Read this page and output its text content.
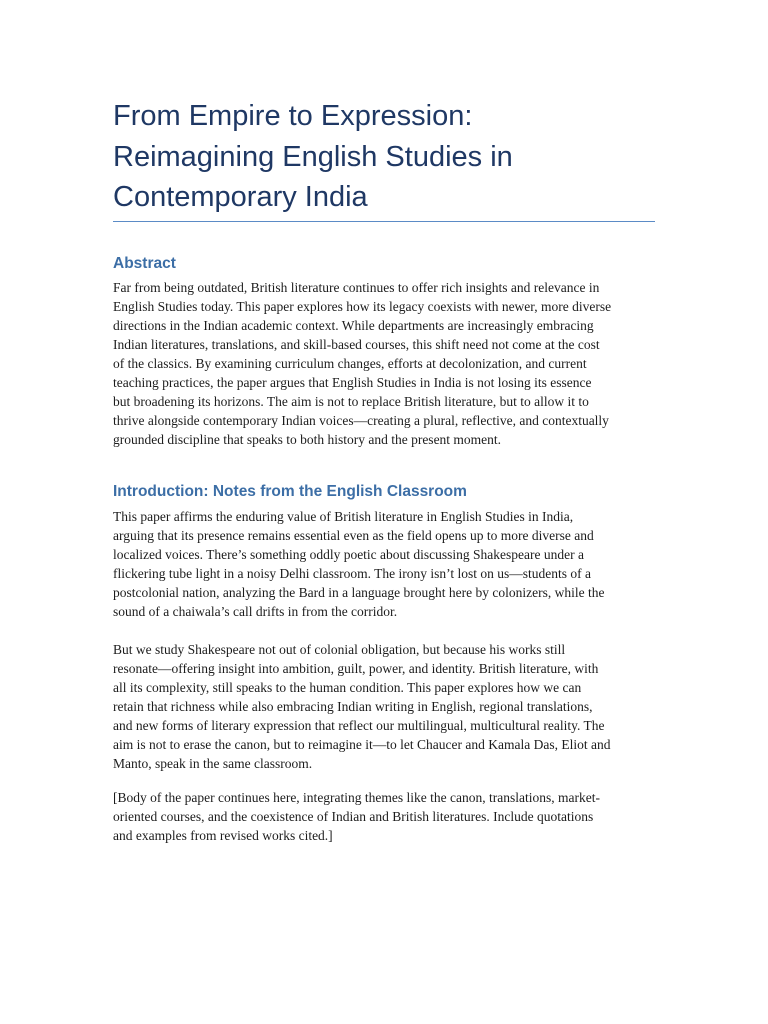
From Empire to Expression:
Reimagining English Studies in
Contemporary India
Abstract

Far from being outdated, British literature continues to offer rich insights and relevance in
English Studies today. This paper explores how its legacy coexists with newer, more diverse
directions in the Indian academic context. While departments are increasingly embracing
Indian literatures, translations, and skill-based courses, this shift need not come at the cost
of the classics. By examining curriculum changes, efforts at decolonization, and current
teaching practices, the paper argues that English Studies in India is not losing its essence
but broadening its horizons. The aim is not to replace British literature, but to allow it to
thrive alongside contemporary Indian voices—creating a plural, reflective, and contextually
grounded discipline that speaks to both history and the present moment.

Introduction: Notes from the English Classroom

This paper affirms the enduring value of British literature in English Studies in India,
arguing that its presence remains essential even as the field opens up to more diverse and
localized voices. There’s something oddly poetic about discussing Shakespeare under a
flickering tube light in a noisy Delhi classroom. The irony isn’t lost on us—students of a
postcolonial nation, analyzing the Bard in a language brought here by colonizers, while the
sound of a chaiwala’s call drifts in from the corridor.

But we study Shakespeare not out of colonial obligation, but because his works still
resonate—offering insight into ambition, guilt, power, and identity. British literature, with
all its complexity, still speaks to the human condition. This paper explores how we can
retain that richness while also embracing Indian writing in English, regional translations,
and new forms of literary expression that reflect our multilingual, multicultural reality. The
aim is not to erase the canon, but to reimagine it—to let Chaucer and Kamala Das, Eliot and
Manto, speak in the same classroom.

[Body of the paper continues here, integrating themes like the canon, translations, market-
oriented courses, and the coexistence of Indian and British literatures. Include quotations
and examples from revised works cited.]
